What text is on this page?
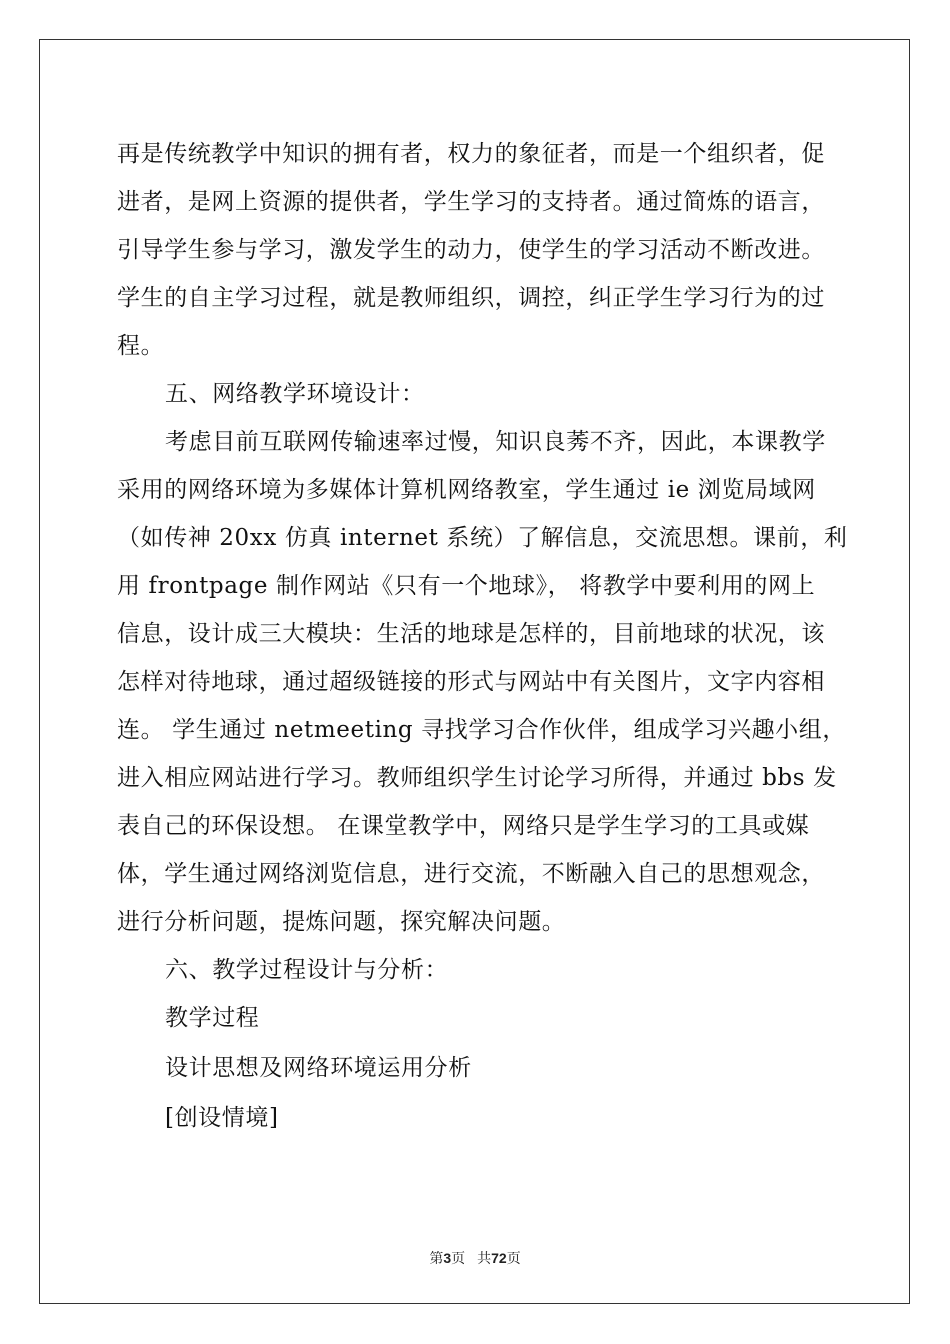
再是传统教学中知识的拥有者，权力的象征者，而是一个组织者，促
进者，是网上资源的提供者，学生学习的支持者。通过简炼的语言，
引导学生参与学习，激发学生的动力，使学生的学习活动不断改进。
学生的自主学习过程，就是教师组织，调控，纠正学生学习行为的过
程。
五、网络教学环境设计：
考虑目前互联网传输速率过慢，知识良莠不齐，因此，本课教学
采用的网络环境为多媒体计算机网络教室，学生通过 ie 浏览局域网
（如传神 20xx 仿真 internet 系统）了解信息，交流思想。课前，利
用 frontpage 制作网站《只有一个地球》， 将教学中要利用的网上
信息，设计成三大模块：生活的地球是怎样的，目前地球的状况，该
怎样对待地球，通过超级链接的形式与网站中有关图片，文字内容相
连。 学生通过 netmeeting 寻找学习合作伙伴，组成学习兴趣小组，
进入相应网站进行学习。教师组织学生讨论学习所得，并通过 bbs 发
表自己的环保设想。 在课堂教学中，网络只是学生学习的工具或媒
体，学生通过网络浏览信息，进行交流，不断融入自己的思想观念，
进行分析问题，提炼问题，探究解决问题。
六、教学过程设计与分析：
教学过程
设计思想及网络环境运用分析
[创设情境]
第3页 共72页
